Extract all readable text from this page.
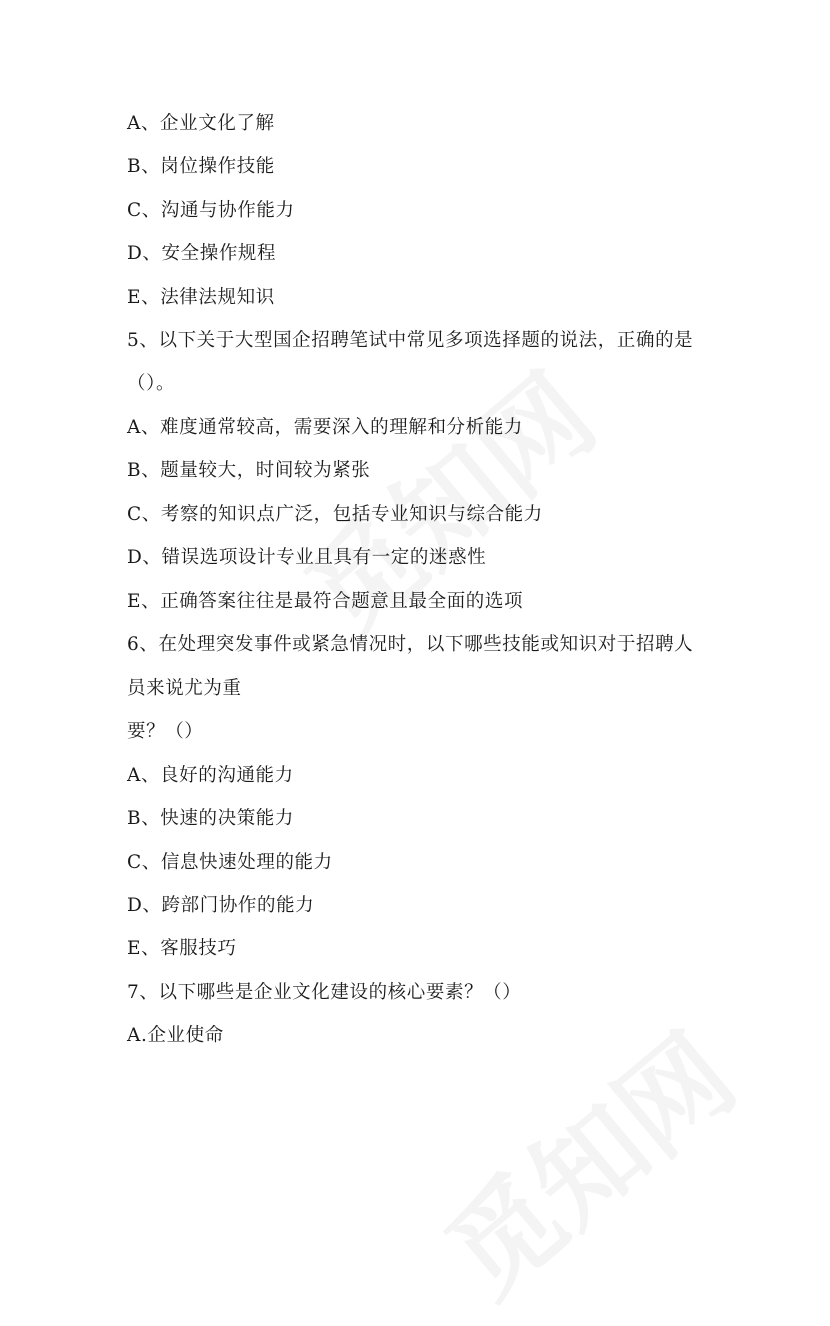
A、企业文化了解
B、岗位操作技能
C、沟通与协作能力
D、安全操作规程
E、法律法规知识
5、以下关于大型国企招聘笔试中常见多项选择题的说法，正确的是
（）。
A、难度通常较高，需要深入的理解和分析能力
B、题量较大，时间较为紧张
C、考察的知识点广泛，包括专业知识与综合能力
D、错误选项设计专业且具有一定的迷惑性
E、正确答案往往是最符合题意且最全面的选项
6、在处理突发事件或紧急情况时，以下哪些技能或知识对于招聘人
员来说尤为重
要？（）
A、良好的沟通能力
B、快速的决策能力
C、信息快速处理的能力
D、跨部门协作的能力
E、客服技巧
7、以下哪些是企业文化建设的核心要素？（）
A.企业使命
